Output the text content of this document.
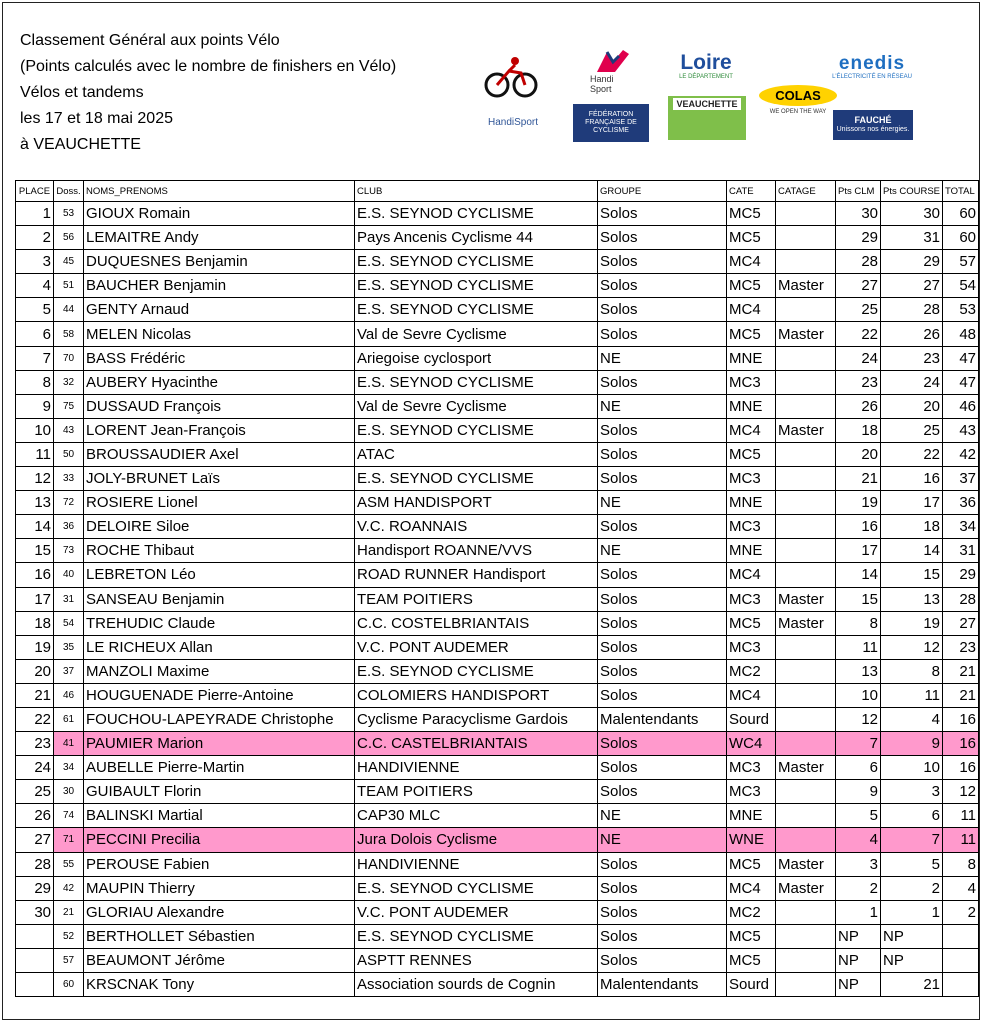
Classement Général aux points Vélo
(Points calculés avec le nombre de finishers en Vélo)
Vélos et tandems
les 17 et 18 mai 2025
à VEAUCHETTE
HandiSport
Handi Sport
FÉDÉRATION FRANÇAISE DE CYCLISME
Loire
LE DÉPARTEMENT
VEAUCHETTE
COLAS
WE OPEN THE WAY
enedis
L'ÉLECTRICITÉ EN RÉSEAU
FAUCHÉ
Unissons nos énergies.
PLACE	Doss.	NOMS_PRENOMS	CLUB	GROUPE	CATE	CATAGE	Pts CLM	Pts COURSE	TOTAL
1	53	GIOUX Romain	E.S. SEYNOD CYCLISME	Solos	MC5		30	30	60
2	56	LEMAITRE Andy	Pays Ancenis Cyclisme 44	Solos	MC5		29	31	60
3	45	DUQUESNES Benjamin	E.S. SEYNOD CYCLISME	Solos	MC4		28	29	57
4	51	BAUCHER Benjamin	E.S. SEYNOD CYCLISME	Solos	MC5	Master	27	27	54
5	44	GENTY Arnaud	E.S. SEYNOD CYCLISME	Solos	MC4		25	28	53
6	58	MELEN Nicolas	Val de Sevre Cyclisme	Solos	MC5	Master	22	26	48
7	70	BASS Frédéric	Ariegoise cyclosport	NE	MNE		24	23	47
8	32	AUBERY Hyacinthe	E.S. SEYNOD CYCLISME	Solos	MC3		23	24	47
9	75	DUSSAUD François	Val de Sevre Cyclisme	NE	MNE		26	20	46
10	43	LORENT Jean-François	E.S. SEYNOD CYCLISME	Solos	MC4	Master	18	25	43
11	50	BROUSSAUDIER Axel	ATAC	Solos	MC5		20	22	42
12	33	JOLY-BRUNET Laïs	E.S. SEYNOD CYCLISME	Solos	MC3		21	16	37
13	72	ROSIERE Lionel	ASM HANDISPORT	NE	MNE		19	17	36
14	36	DELOIRE Siloe	V.C. ROANNAIS	Solos	MC3		16	18	34
15	73	ROCHE Thibaut	Handisport ROANNE/VVS	NE	MNE		17	14	31
16	40	LEBRETON Léo	ROAD RUNNER Handisport	Solos	MC4		14	15	29
17	31	SANSEAU Benjamin	TEAM POITIERS	Solos	MC3	Master	15	13	28
18	54	TREHUDIC Claude	C.C. COSTELBRIANTAIS	Solos	MC5	Master	8	19	27
19	35	LE RICHEUX Allan	V.C. PONT AUDEMER	Solos	MC3		11	12	23
20	37	MANZOLI Maxime	E.S. SEYNOD CYCLISME	Solos	MC2		13	8	21
21	46	HOUGUENADE Pierre-Antoine	COLOMIERS HANDISPORT	Solos	MC4		10	11	21
22	61	FOUCHOU-LAPEYRADE Christophe	Cyclisme Paracyclisme Gardois	Malentendants	Sourd		12	4	16
23	41	PAUMIER Marion	C.C. CASTELBRIANTAIS	Solos	WC4		7	9	16
24	34	AUBELLE Pierre-Martin	HANDIVIENNE	Solos	MC3	Master	6	10	16
25	30	GUIBAULT Florin	TEAM POITIERS	Solos	MC3		9	3	12
26	74	BALINSKI Martial	CAP30 MLC	NE	MNE		5	6	11
27	71	PECCINI Precilia	Jura Dolois Cyclisme	NE	WNE		4	7	11
28	55	PEROUSE Fabien	HANDIVIENNE	Solos	MC5	Master	3	5	8
29	42	MAUPIN Thierry	E.S. SEYNOD CYCLISME	Solos	MC4	Master	2	2	4
30	21	GLORIAU Alexandre	V.C. PONT AUDEMER	Solos	MC2		1	1	2
	52	BERTHOLLET Sébastien	E.S. SEYNOD CYCLISME	Solos	MC5		NP	NP	
	57	BEAUMONT Jérôme	ASPTT RENNES	Solos	MC5		NP	NP	
	60	KRSCNAK Tony	Association sourds de Cognin	Malentendants	Sourd		NP	21	
